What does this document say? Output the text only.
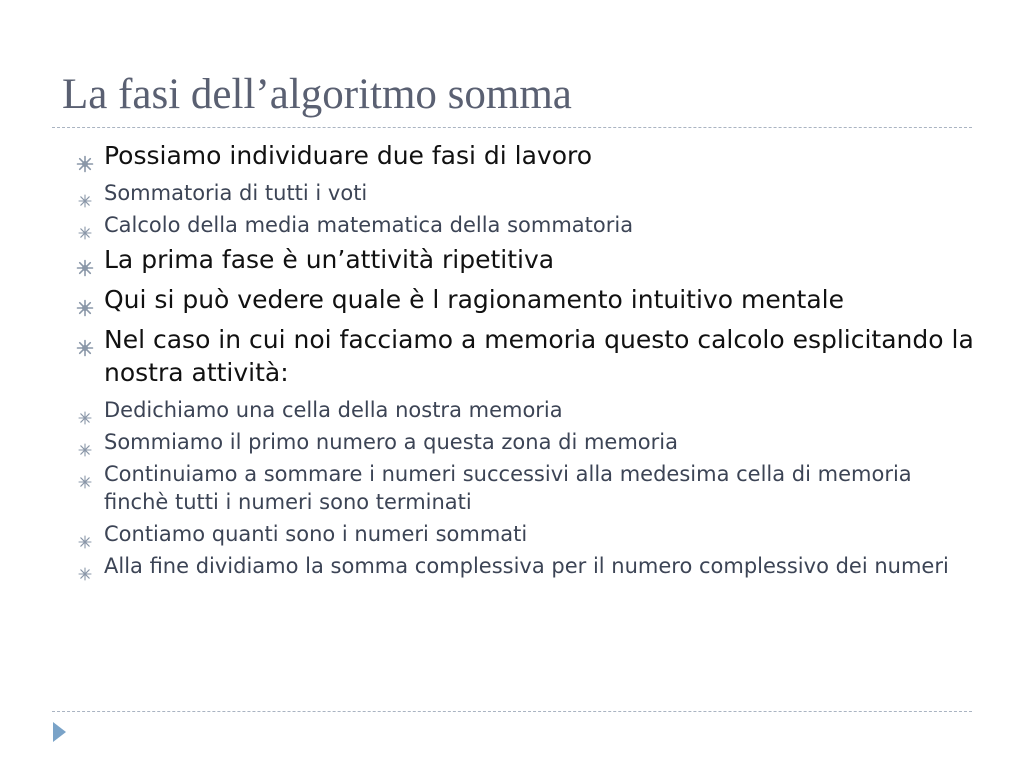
La fasi dell’algoritmo somma
Possiamo individuare due fasi di lavoro
Sommatoria di tutti i voti
Calcolo della media matematica della sommatoria
La prima fase è un’attività ripetitiva
Qui si può vedere quale è l ragionamento intuitivo mentale
Nel caso in cui noi facciamo a memoria questo calcolo esplicitando la nostra attività:
Dedichiamo una cella della nostra memoria
Sommiamo il primo numero a questa zona di memoria
Continuiamo a sommare i numeri successivi alla medesima cella di memoria finchè tutti i numeri sono terminati
Contiamo quanti sono i numeri sommati
Alla fine dividiamo la somma complessiva per il numero complessivo dei numeri
